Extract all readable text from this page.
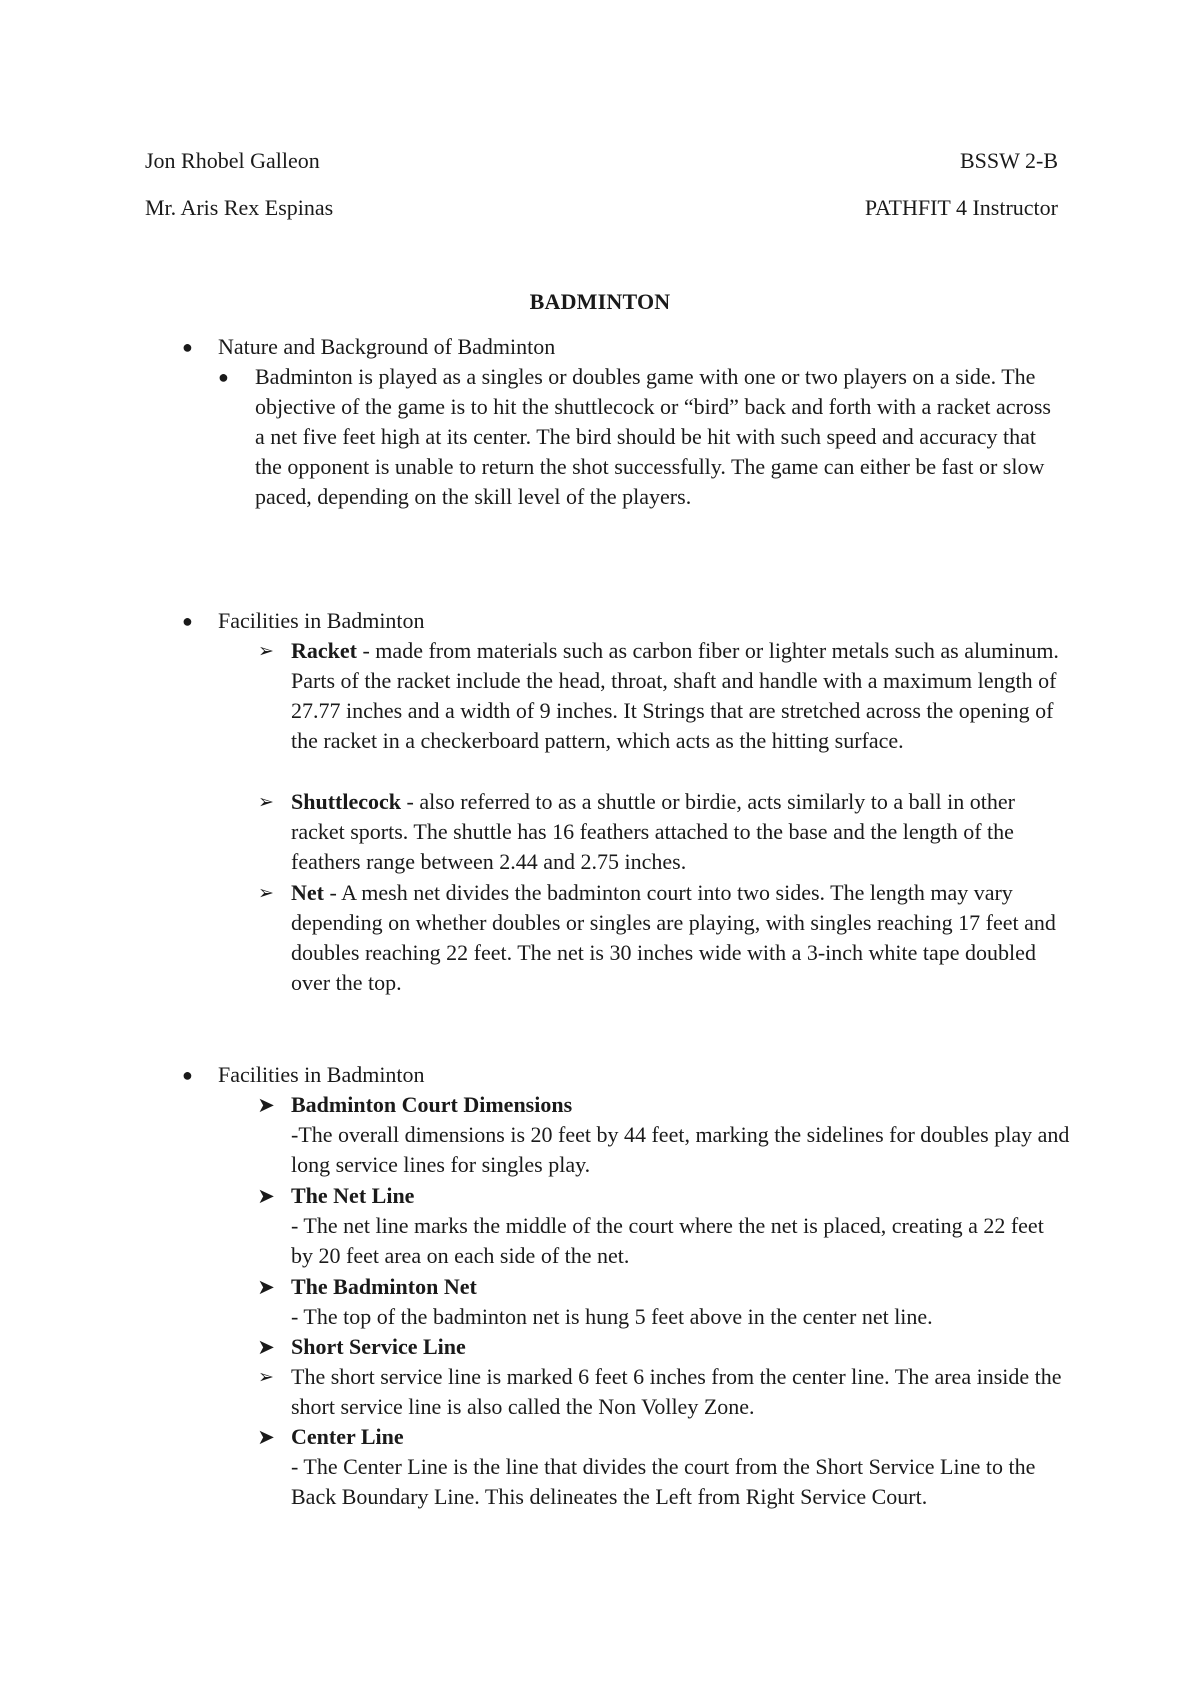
Jon Rhobel Galleon	BSSW 2-B
Mr. Aris Rex Espinas	PATHFIT 4 Instructor
BADMINTON
● Nature and Background of Badminton
● Badminton is played as a singles or doubles game with one or two players on a side. The objective of the game is to hit the shuttlecock or “bird” back and forth with a racket across a net five feet high at its center. The bird should be hit with such speed and accuracy that the opponent is unable to return the shot successfully. The game can either be fast or slow paced, depending on the skill level of the players.
● Facilities in Badminton
➢ Racket - made from materials such as carbon fiber or lighter metals such as aluminum. Parts of the racket include the head, throat, shaft and handle with a maximum length of 27.77 inches and a width of 9 inches. It Strings that are stretched across the opening of the racket in a checkerboard pattern, which acts as the hitting surface.
➢ Shuttlecock - also referred to as a shuttle or birdie, acts similarly to a ball in other racket sports. The shuttle has 16 feathers attached to the base and the length of the feathers range between 2.44 and 2.75 inches.
➢ Net - A mesh net divides the badminton court into two sides. The length may vary depending on whether doubles or singles are playing, with singles reaching 17 feet and doubles reaching 22 feet. The net is 30 inches wide with a 3-inch white tape doubled over the top.
● Facilities in Badminton
➤ Badminton Court Dimensions
-The overall dimensions is 20 feet by 44 feet, marking the sidelines for doubles play and long service lines for singles play.
➤ The Net Line
- The net line marks the middle of the court where the net is placed, creating a 22 feet by 20 feet area on each side of the net.
➤ The Badminton Net
- The top of the badminton net is hung 5 feet above in the center net line.
➤ Short Service Line
➢ The short service line is marked 6 feet 6 inches from the center line. The area inside the short service line is also called the Non Volley Zone.
➤ Center Line
- The Center Line is the line that divides the court from the Short Service Line to the Back Boundary Line. This delineates the Left from Right Service Court.
